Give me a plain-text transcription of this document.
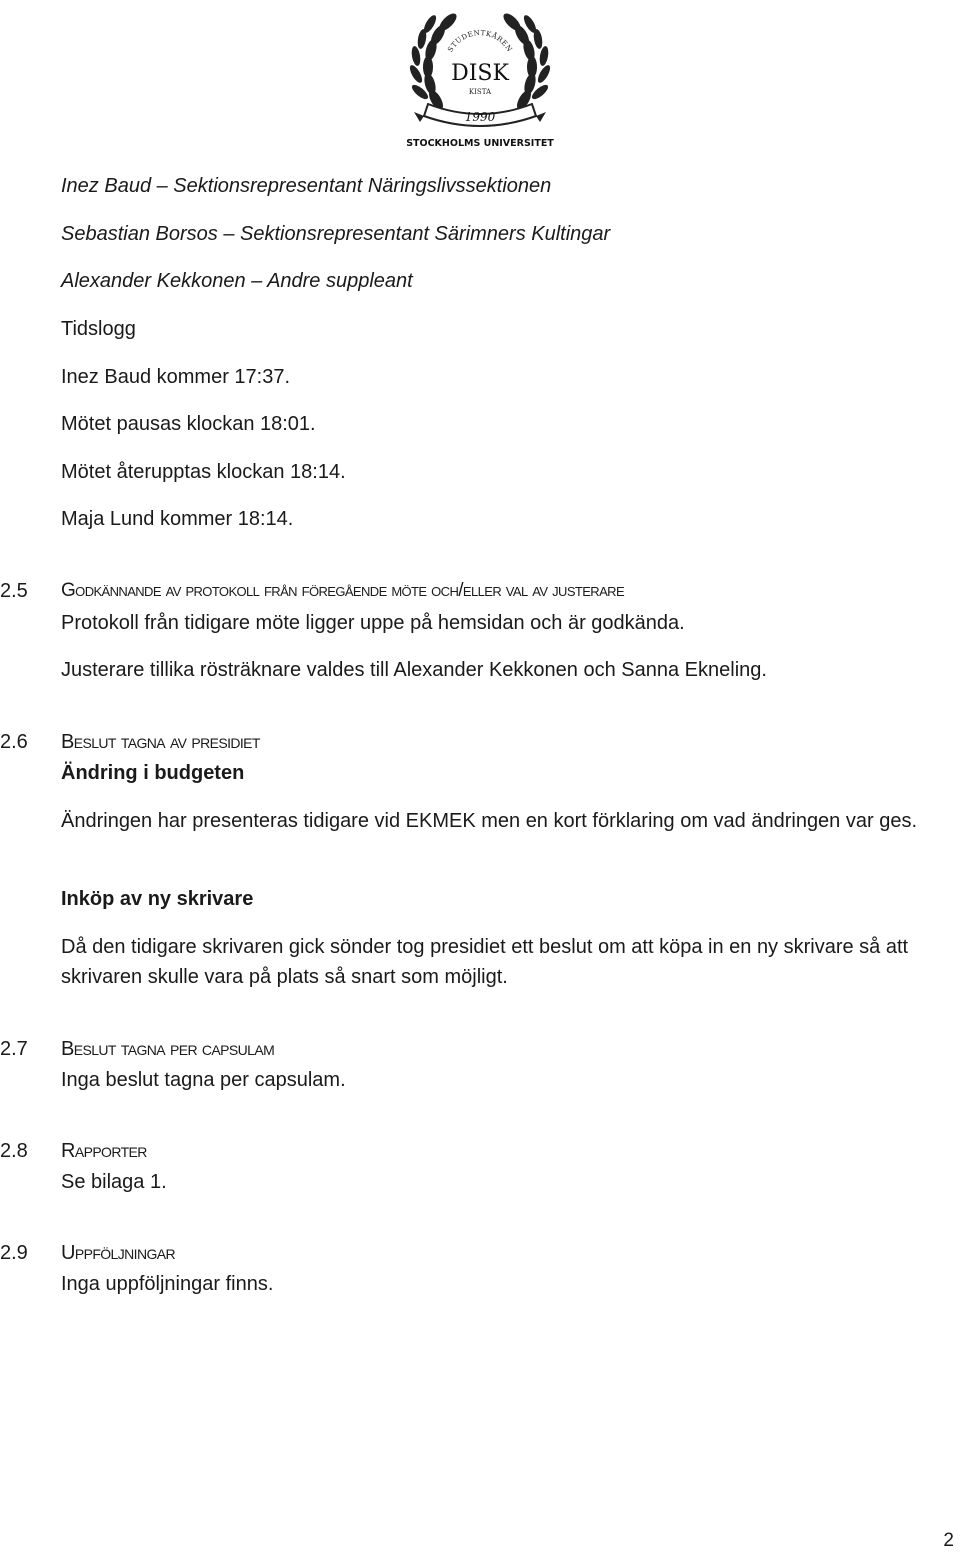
STUDENTKÅREN
DISK
KISTA
1990
STOCKHOLMS UNIVERSITET
Inez Baud – Sektionsrepresentant Näringslivssektionen
Sebastian Borsos – Sektionsrepresentant Särimners Kultingar
Alexander Kekkonen – Andre suppleant
Tidslogg
Inez Baud kommer 17:37.
Mötet pausas klockan 18:01.
Mötet återupptas klockan 18:14.
Maja Lund kommer 18:14.
2.5 Godkännande av protokoll från föregående möte och/eller val av justerare
Protokoll från tidigare möte ligger uppe på hemsidan och är godkända.
Justerare tillika rösträknare valdes till Alexander Kekkonen och Sanna Ekneling.
2.6 Beslut tagna av presidiet
Ändring i budgeten
Ändringen har presenteras tidigare vid EKMEK men en kort förklaring om vad ändringen var ges.
Inköp av ny skrivare
Då den tidigare skrivaren gick sönder tog presidiet ett beslut om att köpa in en ny skrivare så att skrivaren skulle vara på plats så snart som möjligt.
2.7 Beslut tagna per capsulam
Inga beslut tagna per capsulam.
2.8 Rapporter
Se bilaga 1.
2.9 Uppföljningar
Inga uppföljningar finns.
2
